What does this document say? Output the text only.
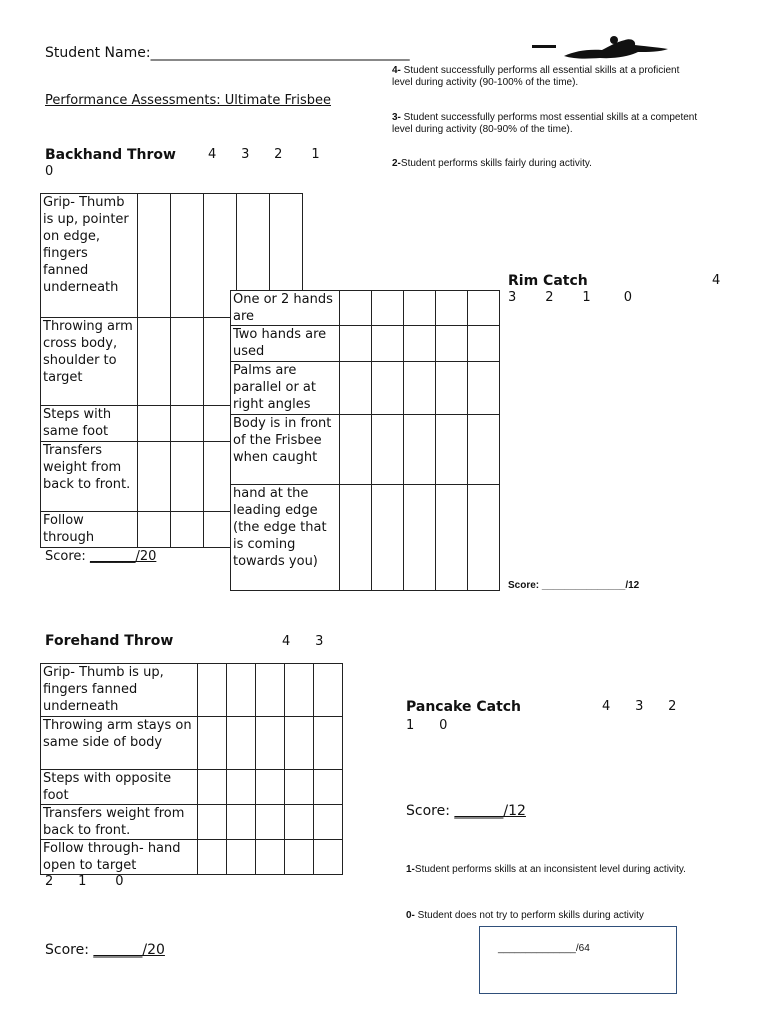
Student Name:_____________________________________
Performance Assessments: Ultimate Frisbee
4- Student successfully performs all essential skills at a proficient level during activity (90-100% of the time).
3- Student successfully performs most essential skills at a competent level during activity (80-90% of the time).
2-Student performs skills fairly during activity.
Backhand Throw 4      3      2       1
0
Grip- Thumb is up, pointer on edge, fingers fanned underneath					
Throwing arm cross body, shoulder to target					
Steps with same foot					
Transfers weight from back to front.					
Follow through					
Score: _______/20
Rim Catch	4
3       2       1        0
One or 2 hands are					
Two hands are used					
Palms are parallel or at right angles					
Body is in front of the Frisbee when caught					
hand at the leading edge (the edge that is coming towards you)					
Score: _______________/12
Forehand Throw	4      3
Grip- Thumb is up, fingers fanned underneath					
Throwing arm stays on same side of body					
Steps with opposite foot					
Transfers weight from back to front.					
Follow through- hand open to target					
2      1       0
Score: _______/20
Pancake Catch	4      3      2
1      0
Score: _______/12
1-Student performs skills at an inconsistent level during activity.
0- Student does not try to perform skills during activity
______________/64
